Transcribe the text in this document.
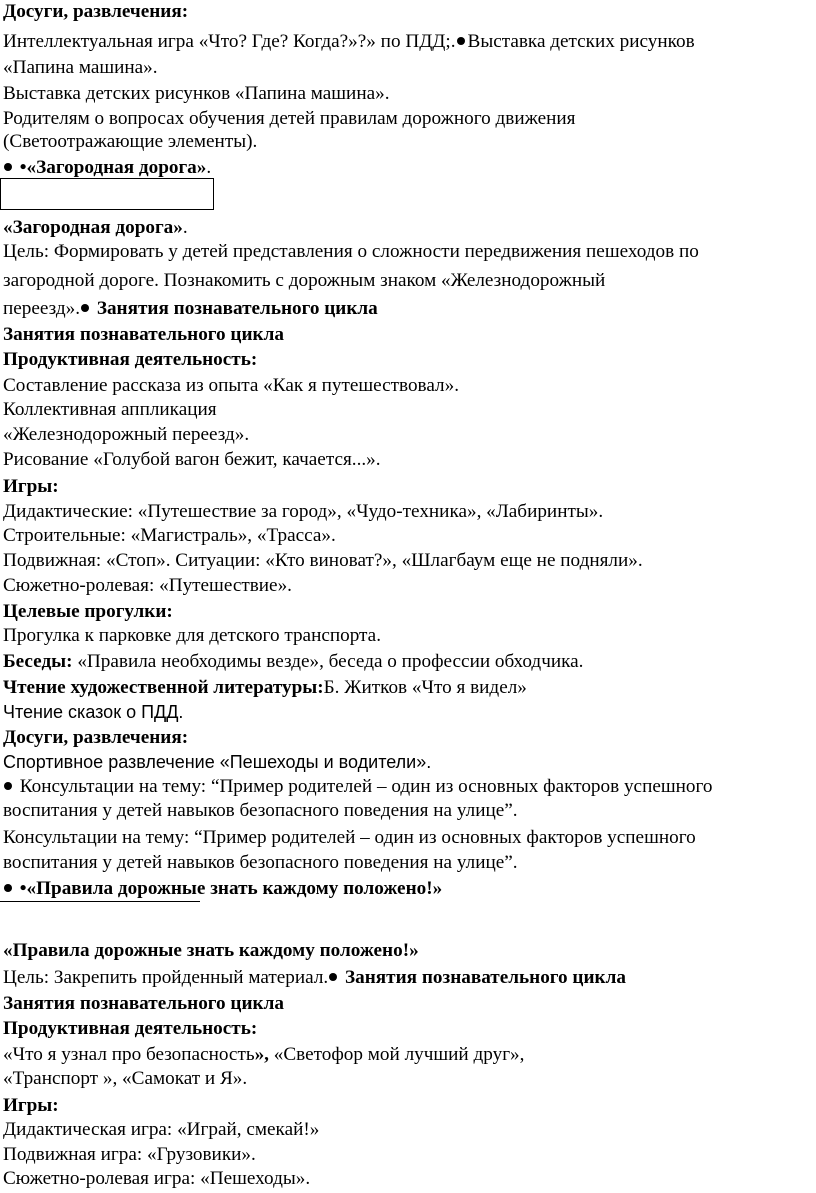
Досуги, развлечения:
Интеллектуальная игра «Что? Где? Когда?»?» по ПДД;. Выставка детских рисунков
«Папина машина».
Выставка детских рисунков «Папина машина».
Родителям о вопросах обучения детей правилам дорожного движения
(Светоотражающие элементы).
•«Загородная дорога».
«Загородная дорога».
Цель: Формировать у детей представления о сложности передвижения пешеходов по
загородной дороге. Познакомить с дорожным знаком «Железнодорожный
переезд». Занятия познавательного цикла
Занятия познавательного цикла
Продуктивная деятельность:
Составление рассказа из опыта «Как я путешествовал».
Коллективная аппликация
«Железнодорожный переезд».
Рисование «Голубой вагон бежит, качается...».
Игры:
Дидактические: «Путешествие за город», «Чудо-техника», «Лабиринты».
Строительные: «Магистраль», «Трасса».
Подвижная: «Стоп». Ситуации: «Кто виноват?», «Шлагбаум еще не подняли».
Сюжетно-ролевая: «Путешествие».
Целевые прогулки:
Прогулка к парковке для детского транспорта.
Беседы: «Правила необходимы везде», беседа о профессии обходчика.
Чтение художественной литературы:Б. Житков «Что я видел»
Чтение сказок о ПДД.
Досуги, развлечения:
Спортивное развлечение «Пешеходы и водители».
Консультации на тему: “Пример родителей – один из основных факторов успешного
воспитания у детей навыков безопасного поведения на улице”.
Консультации на тему: “Пример родителей – один из основных факторов успешного
воспитания у детей навыков безопасного поведения на улице”.
•«Правила дорожные знать каждому положено!»
«Правила дорожные знать каждому положено!»
Цель: Закрепить пройденный материал. Занятия познавательного цикла
Занятия познавательного цикла
Продуктивная деятельность:
«Что я узнал про безопасность», «Светофор мой лучший друг»,
«Транспорт », «Самокат и Я».
Игры:
Дидактическая игра: «Играй, смекай!»
Подвижная игра: «Грузовики».
Сюжетно-ролевая игра: «Пешеходы».
